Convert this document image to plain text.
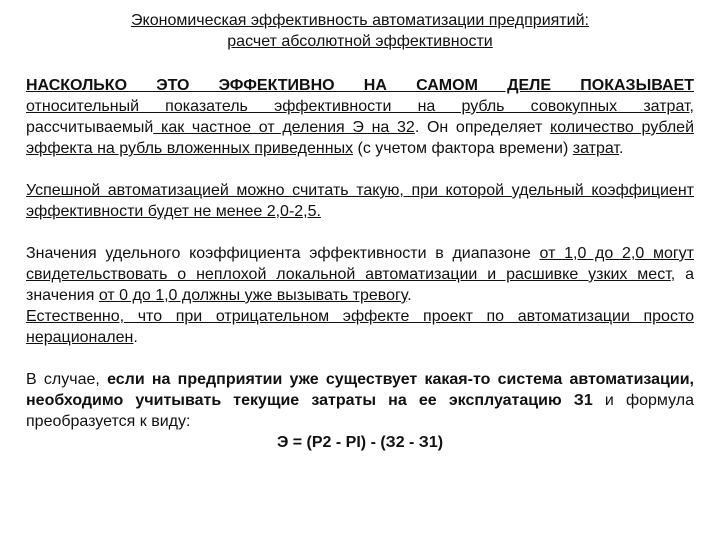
Экономическая эффективность автоматизации предприятий:
расчет абсолютной эффективности

НАСКОЛЬКО ЭТО ЭФФЕКТИВНО НА САМОМ ДЕЛЕ ПОКАЗЫВАЕТ

относительный показатель эффективности на рубль совокупных затрат, рассчитываемый как частное от деления Э на 32. Он определяет количество рублей эффекта на рубль вложенных приведенных (с учетом фактора времени) затрат.

Успешной автоматизацией можно считать такую, при которой удельный коэффициент эффективности будет не менее 2,0-2,5.

Значения удельного коэффициента эффективности в диапазоне от 1,0 до 2,0 могут свидетельствовать о неплохой локальной автоматизации и расшивке узких мест, а значения от 0 до 1,0 должны уже вызывать тревогу.

Естественно, что при отрицательном эффекте проект по автоматизации просто нерационален.

В случае, если на предприятии уже существует какая-то система автоматизации, необходимо учитывать текущие затраты на ее эксплуатацию З1 и формула преобразуется к виду:

Э = (Р2 - РI) - (З2 - З1)
